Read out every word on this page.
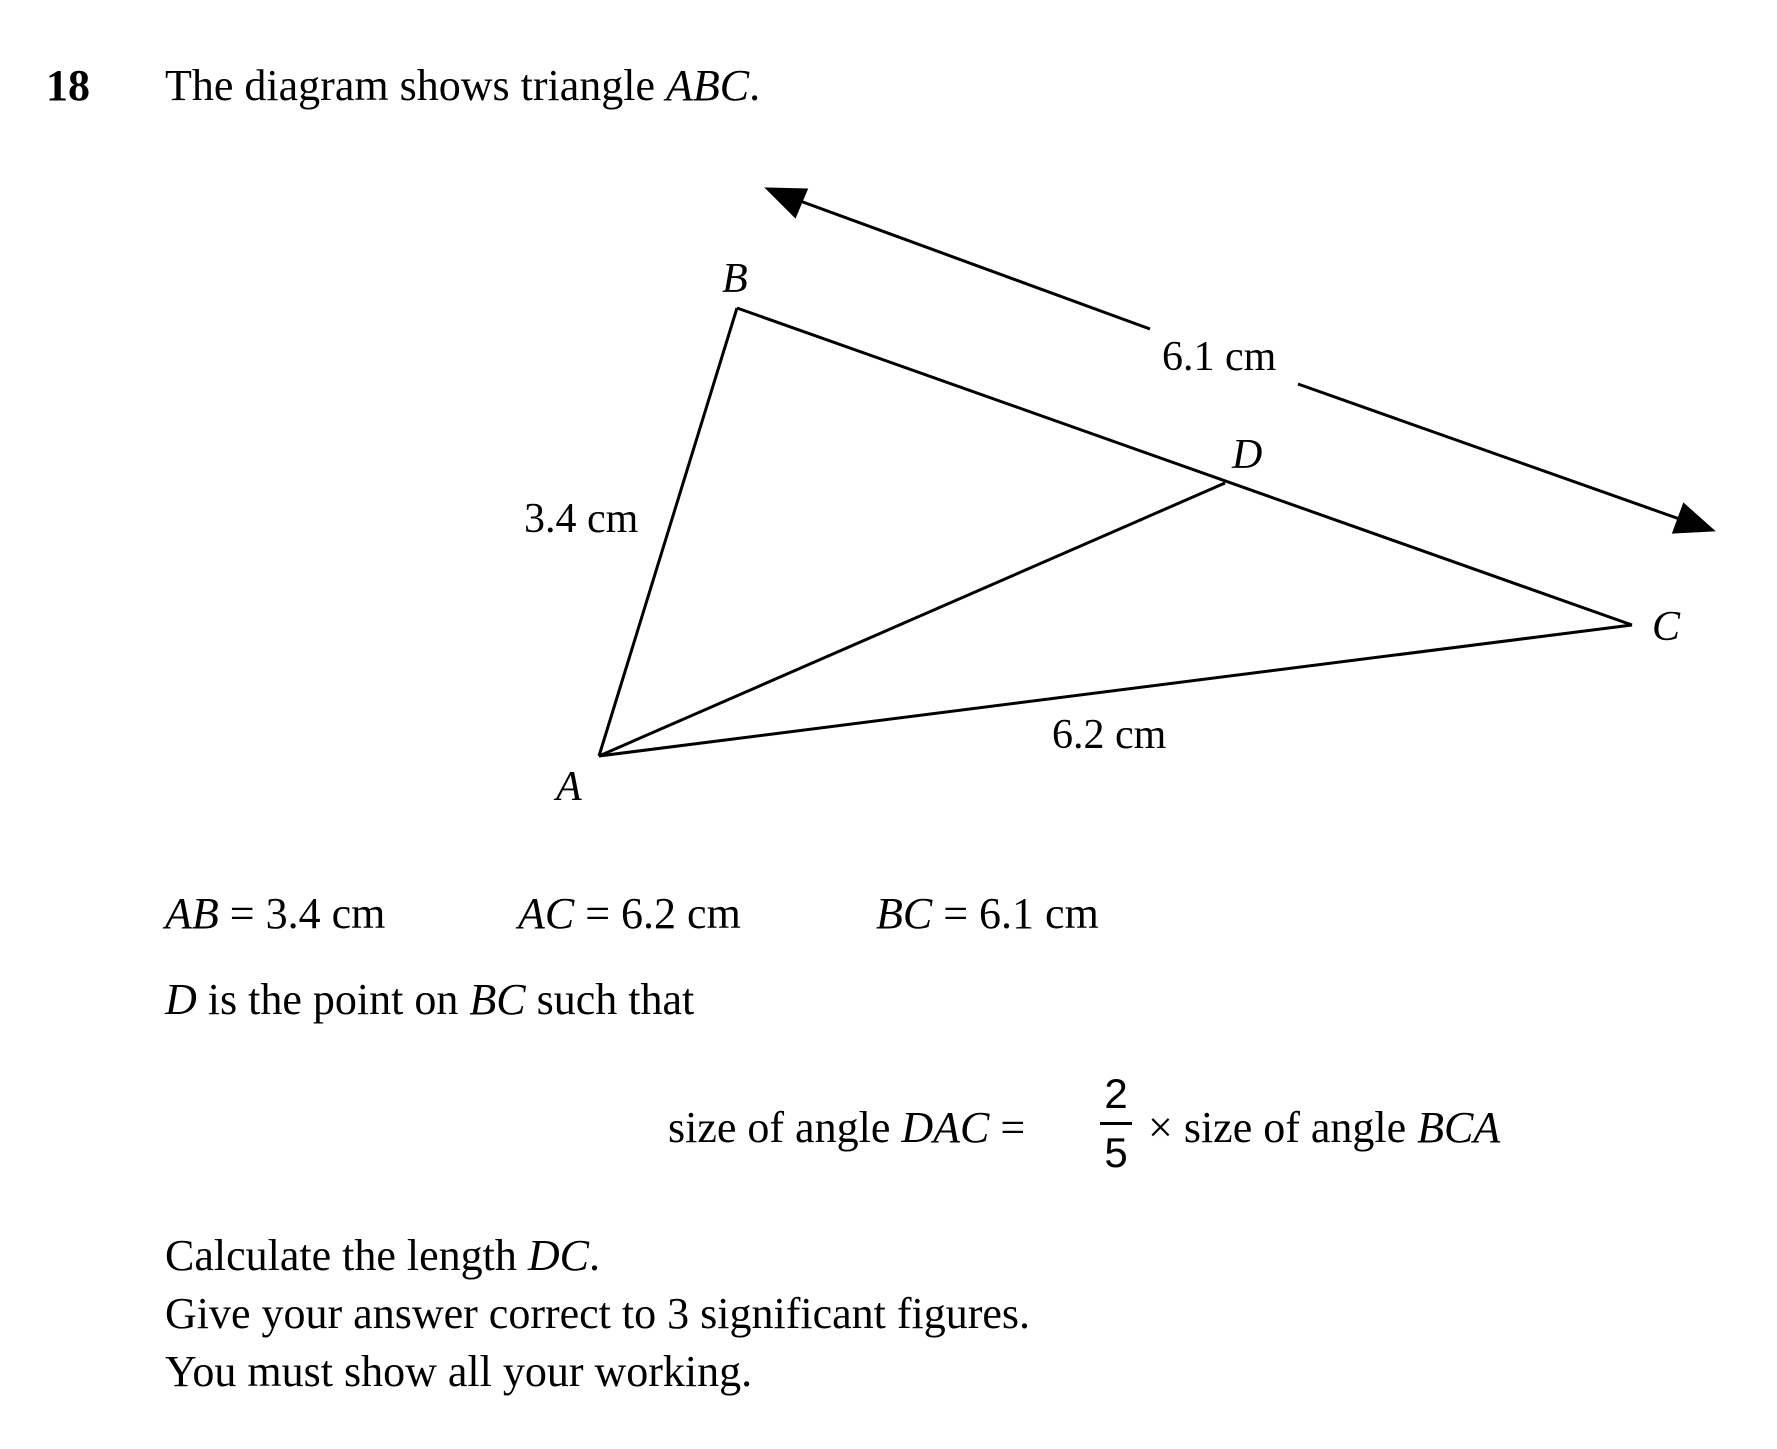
18 The diagram shows triangle ABC.
B
D
C
A
3.4 cm
6.1 cm
6.2 cm
AB = 3.4 cm	AC = 6.2 cm	BC = 6.1 cm
D is the point on BC such that
size of angle DAC =
2
5
× size of angle BCA
Calculate the length DC.
Give your answer correct to 3 significant figures.
You must show all your working.
